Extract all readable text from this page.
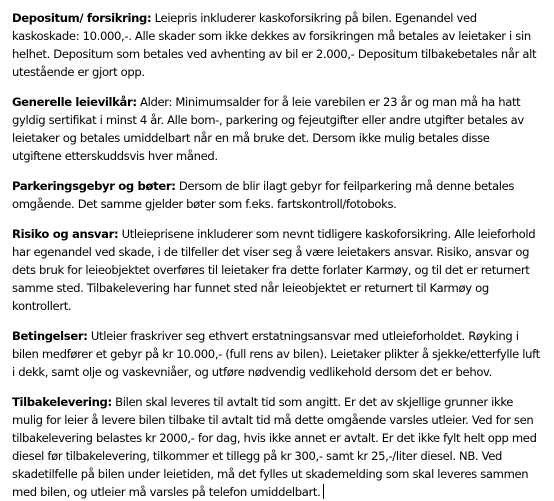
Depositum/ forsikring: Leiepris inkluderer kaskoforsikring på bilen. Egenandel ved kaskoskade: 10.000,-. Alle skader som ikke dekkes av forsikringen må betales av leietaker i sin helhet. Depositum som betales ved avhenting av bil er 2.000,- Depositum tilbakebetales når alt utestående er gjort opp.

Generelle leievilkår: Alder: Minimumsalder for å leie varebilen er 23 år og man må ha hatt gyldig sertifikat i minst 4 år. Alle bom-, parkering og fejeutgifter eller andre utgifter betales av leietaker og betales umiddelbart når en må bruke det. Dersom ikke mulig betales disse utgiftene etterskuddsvis hver måned.

Parkeringsgebyr og bøter: Dersom de blir ilagt gebyr for feilparkering må denne betales omgående. Det samme gjelder bøter som f.eks. fartskontroll/fotoboks.

Risiko og ansvar: Utleieprisene inkluderer som nevnt tidligere kaskoforsikring. Alle leieforhold har egenandel ved skade, i de tilfeller det viser seg å være leietakers ansvar. Risiko, ansvar og dets bruk for leieobjektet overføres til leietaker fra dette forlater Karmøy, og til det er returnert samme sted. Tilbakelevering har funnet sted når leieobjektet er returnert til Karmøy og kontrollert.

Betingelser: Utleier fraskriver seg ethvert erstatningsansvar med utleieforholdet. Røyking i bilen medfører et gebyr på kr 10.000,- (full rens av bilen). Leietaker plikter å sjekke/etterfylle luft i dekk, samt olje og vaskevniåer, og utføre nødvendig vedlikehold dersom det er behov.

Tilbakelevering: Bilen skal leveres til avtalt tid som angitt. Er det av skjellige grunner ikke mulig for leier å levere bilen tilbake til avtalt tid må dette omgående varsles utleier. Ved for sen tilbakelevering belastes kr 2000,- for dag, hvis ikke annet er avtalt. Er det ikke fylt helt opp med diesel før tilbakelevering, tilkommer et tillegg på kr 300,- samt kr 25,-/liter diesel. NB. Ved skadetilfelle på bilen under leietiden, må det fylles ut skademelding som skal leveres sammen med bilen, og utleier må varsles på telefon umiddelbart.
